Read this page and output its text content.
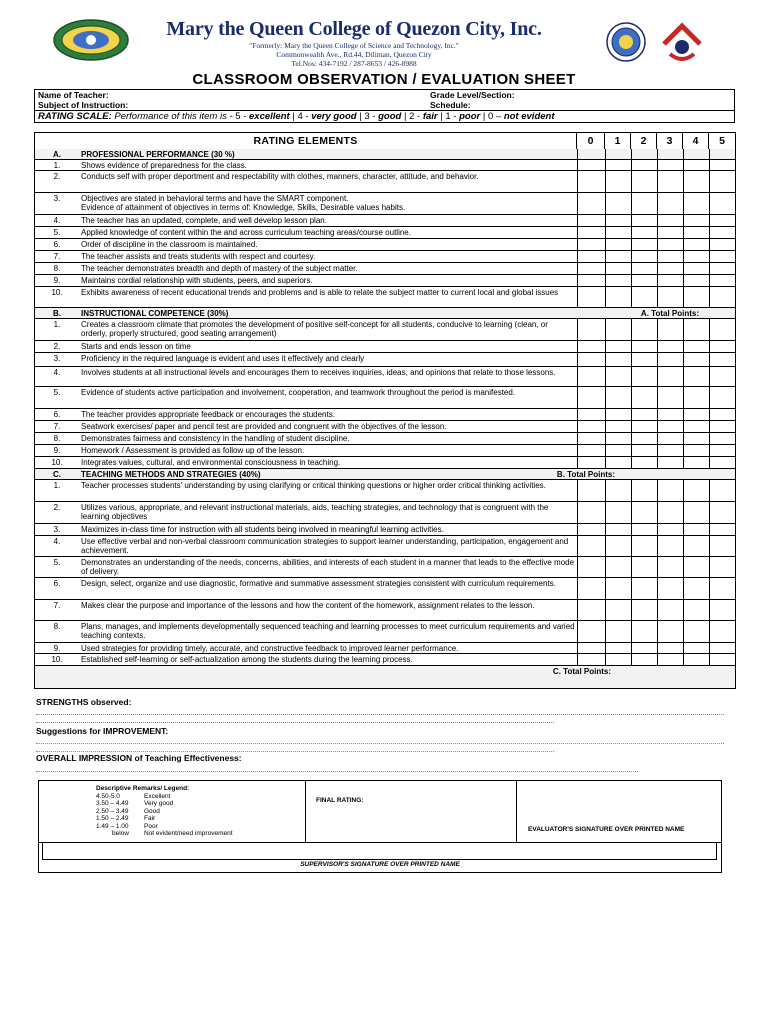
Mary the Queen College of Quezon City, Inc.
"Formerly: Mary the Queen College of Science and Technology, Inc."
Commonwealth Ave., Rd.44, Diliman, Quezon City
Tel.Nos: 434-7192 / 287-8653 / 426-8988
CLASSROOM OBSERVATION / EVALUATION SHEET
Name of Teacher:	Grade Level/Section:
Subject of Instruction:	Schedule:
RATING SCALE: Performance of this item is - 5 - excellent | 4 - very good | 3 - good | 2 - fair | 1 - poor | 0 – not evident
RATING ELEMENTS	0	1	2	3	4	5
A.	PROFESSIONAL PERFORMANCE (30 %)
1.	Shows evidence of preparedness for the class.
2.	Conducts self with proper deportment and respectability with clothes, manners, character, attitude, and behavior.
3.	Objectives are stated in behavioral terms and have the SMART component.
Evidence of attainment of objectives in terms of: Knowledge, Skills, Desirable values habits.
4.	The teacher has an updated, complete, and well develop lesson plan.
5.	Applied knowledge of content within the and across curriculum teaching areas/course outline.
6.	Order of discipline in the classroom is maintained.
7.	The teacher assists and treats students with respect and courtesy.
8.	The teacher demonstrates breadth and depth of mastery of the subject matter.
9.	Maintains cordial relationship with students, peers, and superiors.
10.	Exhibits awareness of recent educational trends and problems and is able to relate the subject matter to current local and global issues
B.	INSTRUCTIONAL COMPETENCE (30%)	A. Total Points:
1.	Creates a classroom climate that promotes the development of positive self-concept for all students, conducive to learning (clean, or orderly, properly structured, good seating arrangement)
2.	Starts and ends lesson on time
3.	Proficiency in the required language is evident and uses it effectively and clearly
4.	Involves students at all instructional levels and encourages them to receives inquiries, ideas, and opinions that relate to those lessons.
5.	Evidence of students active participation and involvement, cooperation, and teamwork throughout the period is manifested.
6.	The teacher provides appropriate feedback or encourages the students.
7.	Seatwork exercises/ paper and pencil test are provided and congruent with the objectives of the lesson.
8.	Demonstrates fairness and consistency in the handling of student discipline.
9.	Homework / Assessment is provided as follow up of the lesson.
10.	Integrates values, cultural, and environmental consciousness in teaching.
C.	TEACHING METHODS AND STRATEGIES (40%)	B. Total Points:
1.	Teacher processes students' understanding by using clarifying or critical thinking questions or higher order critical thinking activities.
2.	Utilizes various, appropriate, and relevant instructional materials, aids, teaching strategies, and technology that is congruent with the learning objectives
3.	Maximizes in-class time for instruction with all students being involved in meaningful learning activities.
4.	Use effective verbal and non-verbal classroom communication strategies to support learner understanding, participation, engagement and achievement.
5.	Demonstrates an understanding of the needs, concerns, abilities, and interests of each student in a manner that leads to the effective mode of delivery.
6.	Design, select, organize and use diagnostic, formative and summative assessment strategies consistent with curriculum requirements.
7.	Makes clear the purpose and importance of the lessons and how the content of the homework, assignment relates to the lesson.
8.	Plans, manages, and implements developmentally sequenced teaching and learning processes to meet curriculum requirements and varied teaching contexts.
9.	Used strategies for providing timely, accurate, and constructive feedback to improved learner performance.
10.	Established self-learning or self-actualization among the students during the learning process.
C. Total Points:
STRENGTHS observed:
Suggestions for IMPROVEMENT:
OVERALL IMPRESSION of Teaching Effectiveness:
Descriptive Remarks/ Legend:
4.50-5.0	Excellent
3.50 – 4.49 Very good
2.50 – 3.49 Good
1.50 – 2.49 Fair
1.49 – 1.00 Poor
below Not evident/need improvement
FINAL RATING:
EVALUATOR'S SIGNATURE OVER PRINTED NAME
SUPERVISOR'S SIGNATURE OVER PRINTED NAME
